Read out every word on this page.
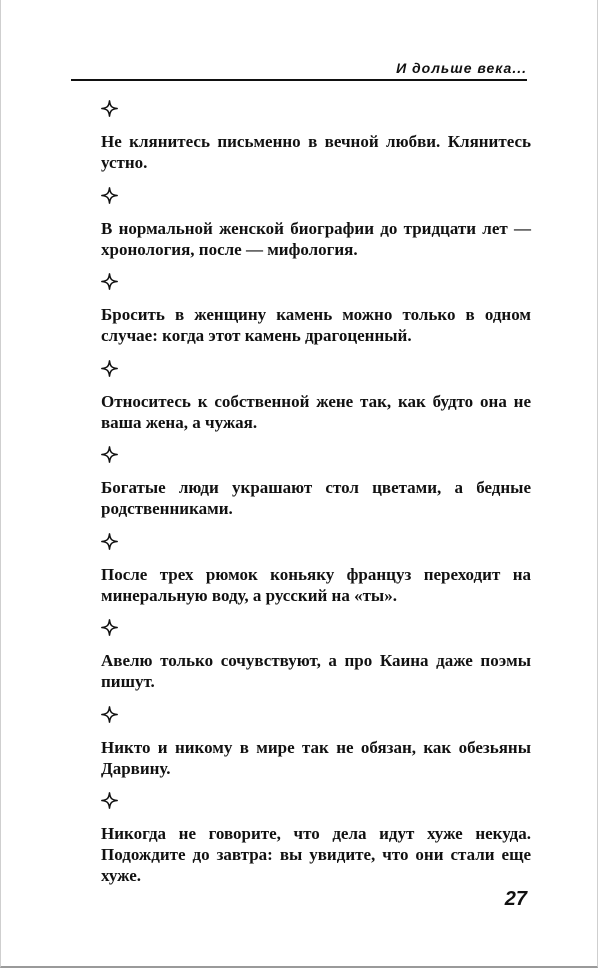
И дольше века...

Не клянитесь письменно в вечной любви. Клянитесь устно.

В нормальной женской биографии до тридцати лет — хронология, после — мифология.

Бросить в женщину камень можно только в одном случае: когда этот камень драгоценный.

Относитесь к собственной жене так, как будто она не ваша жена, а чужая.

Богатые люди украшают стол цветами, а бедные родственниками.

После трех рюмок коньяку француз переходит на минеральную воду, а русский на «ты».

Авелю только сочувствуют, а про Каина даже поэмы пишут.

Никто и никому в мире так не обязан, как обезьяны Дарвину.

Никогда не говорите, что дела идут хуже некуда. Подождите до завтра: вы увидите, что они стали еще хуже.

27
